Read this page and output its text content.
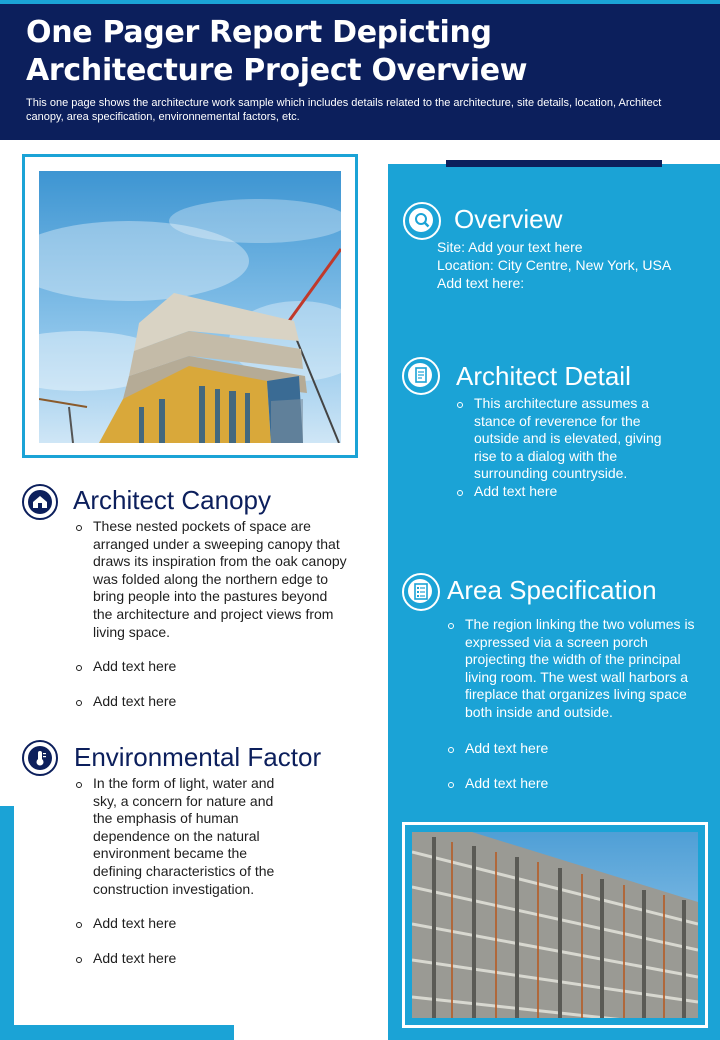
One Pager Report Depicting Architecture Project Overview

This one page shows the architecture work sample which includes details related to the architecture, site details, location, Architect canopy, area specification, environnemental factors, etc.

Architect Canopy
These nested pockets of space are arranged under a sweeping canopy that draws its inspiration from the oak canopy was folded along the northern edge to bring people into the pastures beyond the architecture and project views from living space.
Add text here
Add text here
Environmental Factor
In the form of light, water and sky, a concern for nature and the emphasis of human dependence on the natural environment became the defining characteristics of the construction investigation.
Add text here
Add text here
Overview
Site: Add your text here
Location: City Centre, New York, USA
Add text here:
Architect Detail
This architecture assumes a stance of reverence for the outside and is elevated, giving rise to a dialog with the surrounding countryside.
Add text here
Area Specification
The region linking the two volumes is expressed via a screen porch projecting the width of the principal living room. The west wall harbors a fireplace that organizes living space both inside and outside.
Add text here
Add text here
